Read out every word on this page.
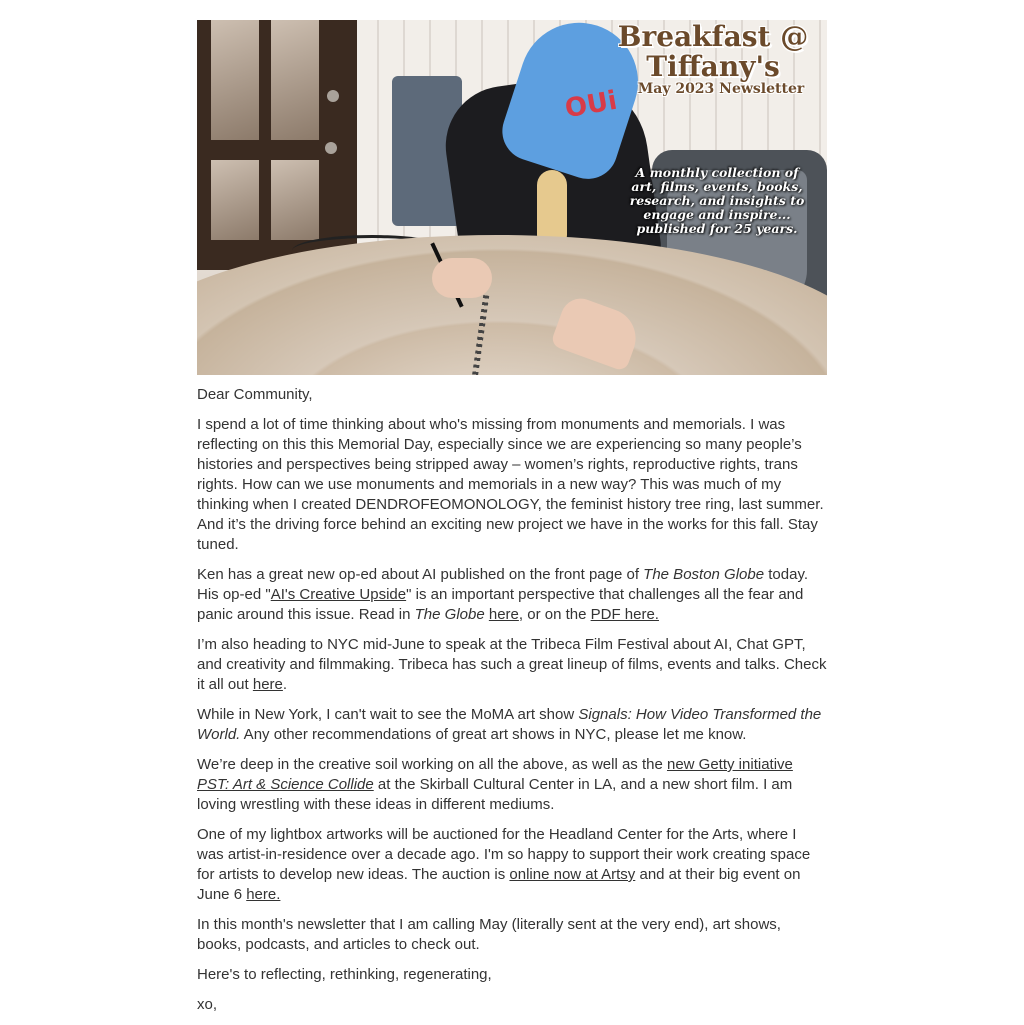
OUi
Breakfast @
Tiffany's
May 2023 Newsletter
A monthly collection of
art, films, events, books,
research, and insights to
engage and inspire...
published for 25 years.

Dear Community,

I spend a lot of time thinking about who's missing from monuments and memorials. I was reflecting on this this Memorial Day, especially since we are experiencing so many people’s histories and perspectives being stripped away – women’s rights, reproductive rights, trans rights. How can we use monuments and memorials in a new way? This was much of my thinking when I created DENDROFEOMONOLOGY, the feminist history tree ring, last summer. And it’s the driving force behind an exciting new project we have in the works for this fall. Stay tuned.

Ken has a great new op-ed about AI published on the front page of The Boston Globe today. His op-ed "AI's Creative Upside" is an important perspective that challenges all the fear and panic around this issue. Read in The Globe here, or on the PDF here.

I’m also heading to NYC mid-June to speak at the Tribeca Film Festival about AI, Chat GPT, and creativity and filmmaking. Tribeca has such a great lineup of films, events and talks. Check it all out here.

While in New York, I can't wait to see the MoMA art show Signals: How Video Transformed the World. Any other recommendations of great art shows in NYC, please let me know.

We’re deep in the creative soil working on all the above, as well as the new Getty initiative PST: Art & Science Collide at the Skirball Cultural Center in LA, and a new short film. I am loving wrestling with these ideas in different mediums.

One of my lightbox artworks will be auctioned for the Headland Center for the Arts, where I was artist-in-residence over a decade ago. I'm so happy to support their work creating space for artists to develop new ideas. The auction is online now at Artsy and at their big event on June 6 here.

In this month's newsletter that I am calling May (literally sent at the very end), art shows, books, podcasts, and articles to check out.

Here's to reflecting, rethinking, regenerating,

xo,
